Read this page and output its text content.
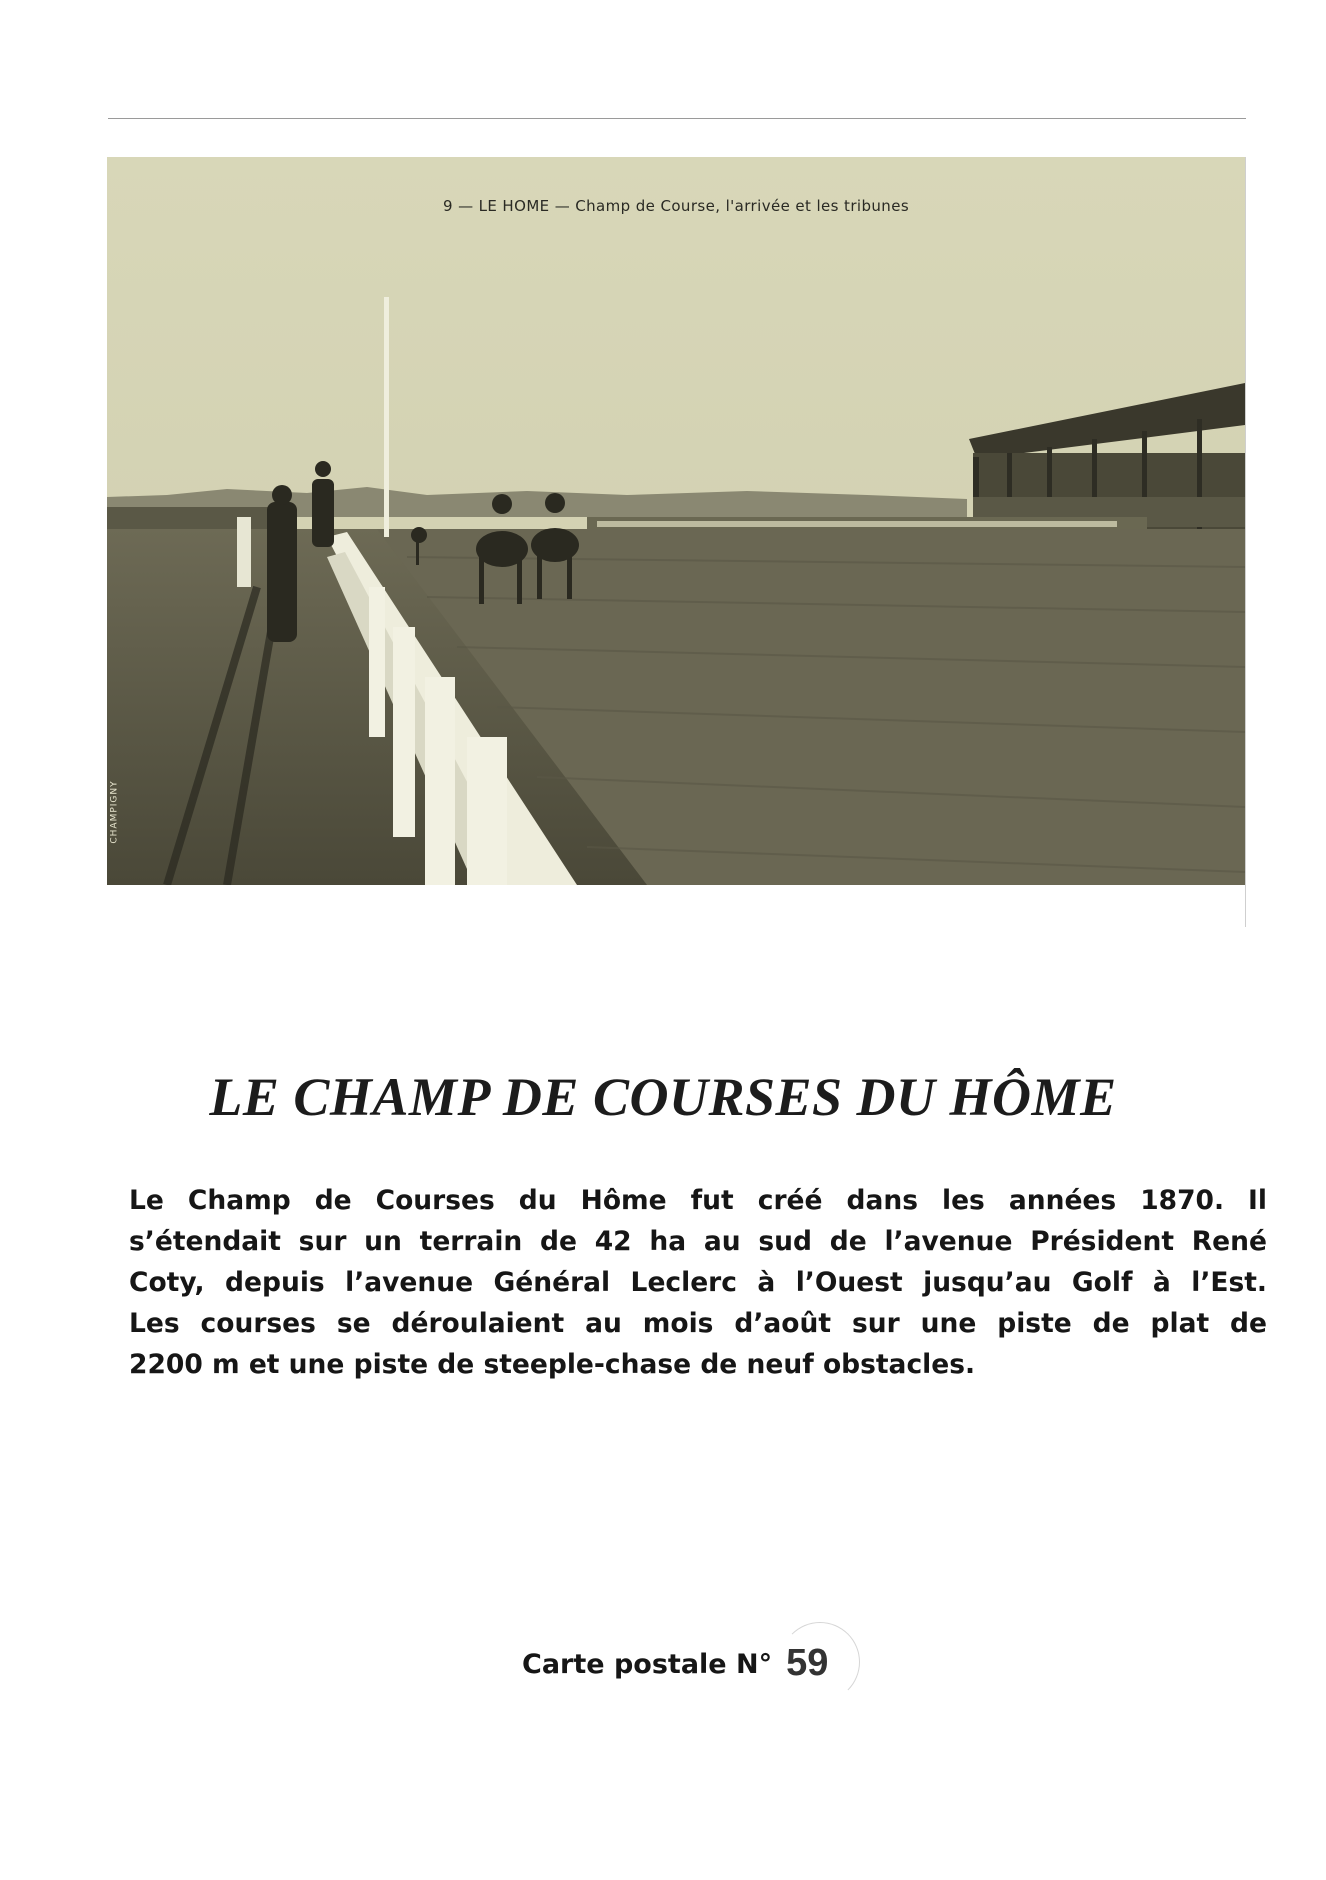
9 — LE HOME — Champ de Course, l'arrivée et les tribunes
CHAMPIGNY
LE CHAMP DE COURSES DU HÔME
Le Champ de Courses du Hôme fut créé dans les années 1870. Il
s’étendait sur un terrain de 42 ha au sud de l’avenue Président René
Coty, depuis l’avenue Général Leclerc à l’Ouest jusqu’au Golf à l’Est.
Les courses se déroulaient au mois d’août sur une piste de plat de
2200 m et une piste de steeple-chase de neuf obstacles.
Carte postale N° 59
